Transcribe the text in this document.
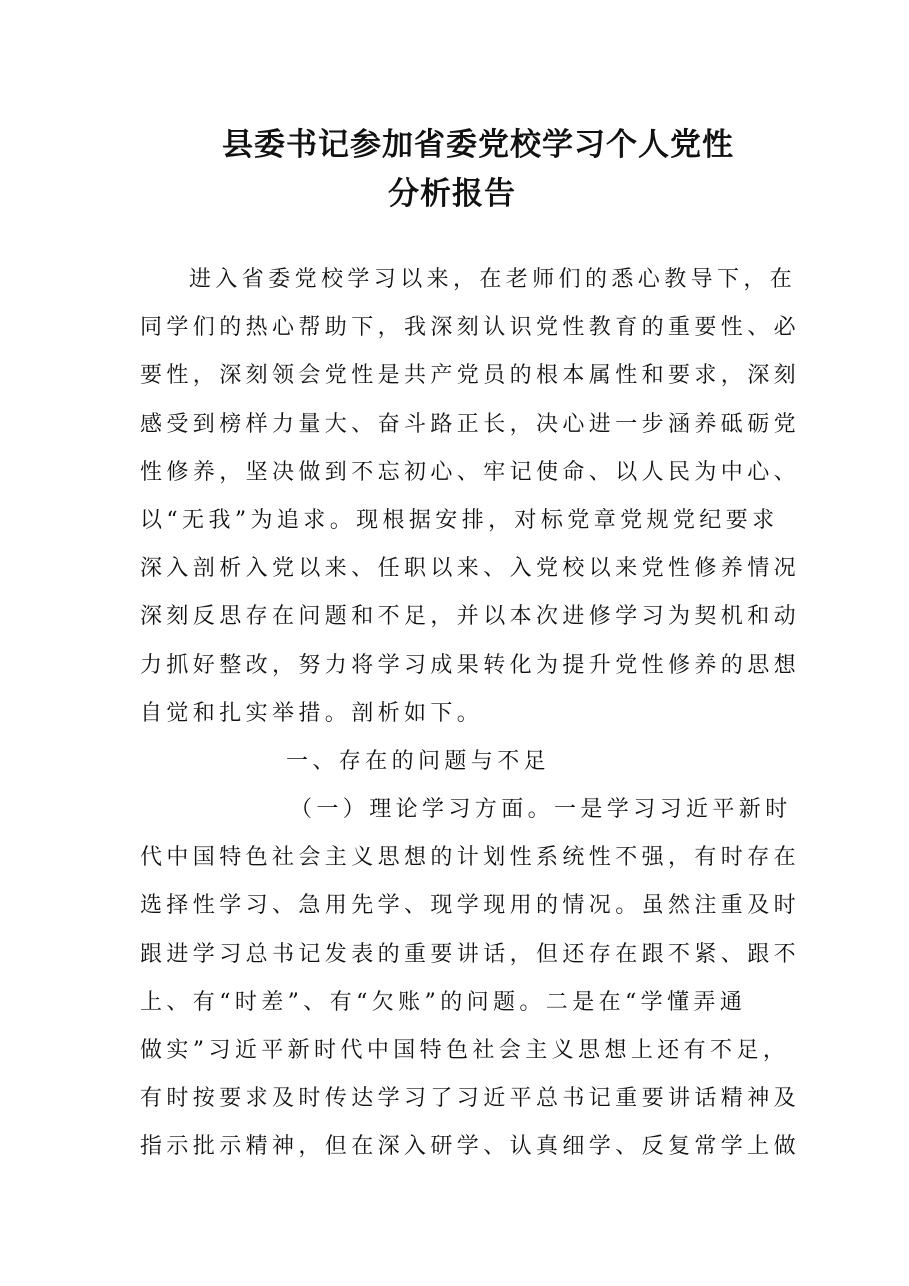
县委书记参加省委党校学习个人党性
分析报告
进入省委党校学习以来，在老师们的悉心教导下，在
同学们的热心帮助下，我深刻认识党性教育的重要性、必
要性，深刻领会党性是共产党员的根本属性和要求，深刻
感受到榜样力量大、奋斗路正长，决心进一步涵养砥砺党
性修养，坚决做到不忘初心、牢记使命、以人民为中心、
以“无我”为追求。现根据安排，对标党章党规党纪要求
深入剖析入党以来、任职以来、入党校以来党性修养情况
深刻反思存在问题和不足，并以本次进修学习为契机和动
力抓好整改，努力将学习成果转化为提升党性修养的思想
自觉和扎实举措。剖析如下。
一、存在的问题与不足
（一）理论学习方面。一是学习习近平新时
代中国特色社会主义思想的计划性系统性不强，有时存在
选择性学习、急用先学、现学现用的情况。虽然注重及时
跟进学习总书记发表的重要讲话，但还存在跟不紧、跟不
上、有“时差”、有“欠账”的问题。二是在“学懂弄通
做实”习近平新时代中国特色社会主义思想上还有不足，
有时按要求及时传达学习了习近平总书记重要讲话精神及
指示批示精神，但在深入研学、认真细学、反复常学上做
